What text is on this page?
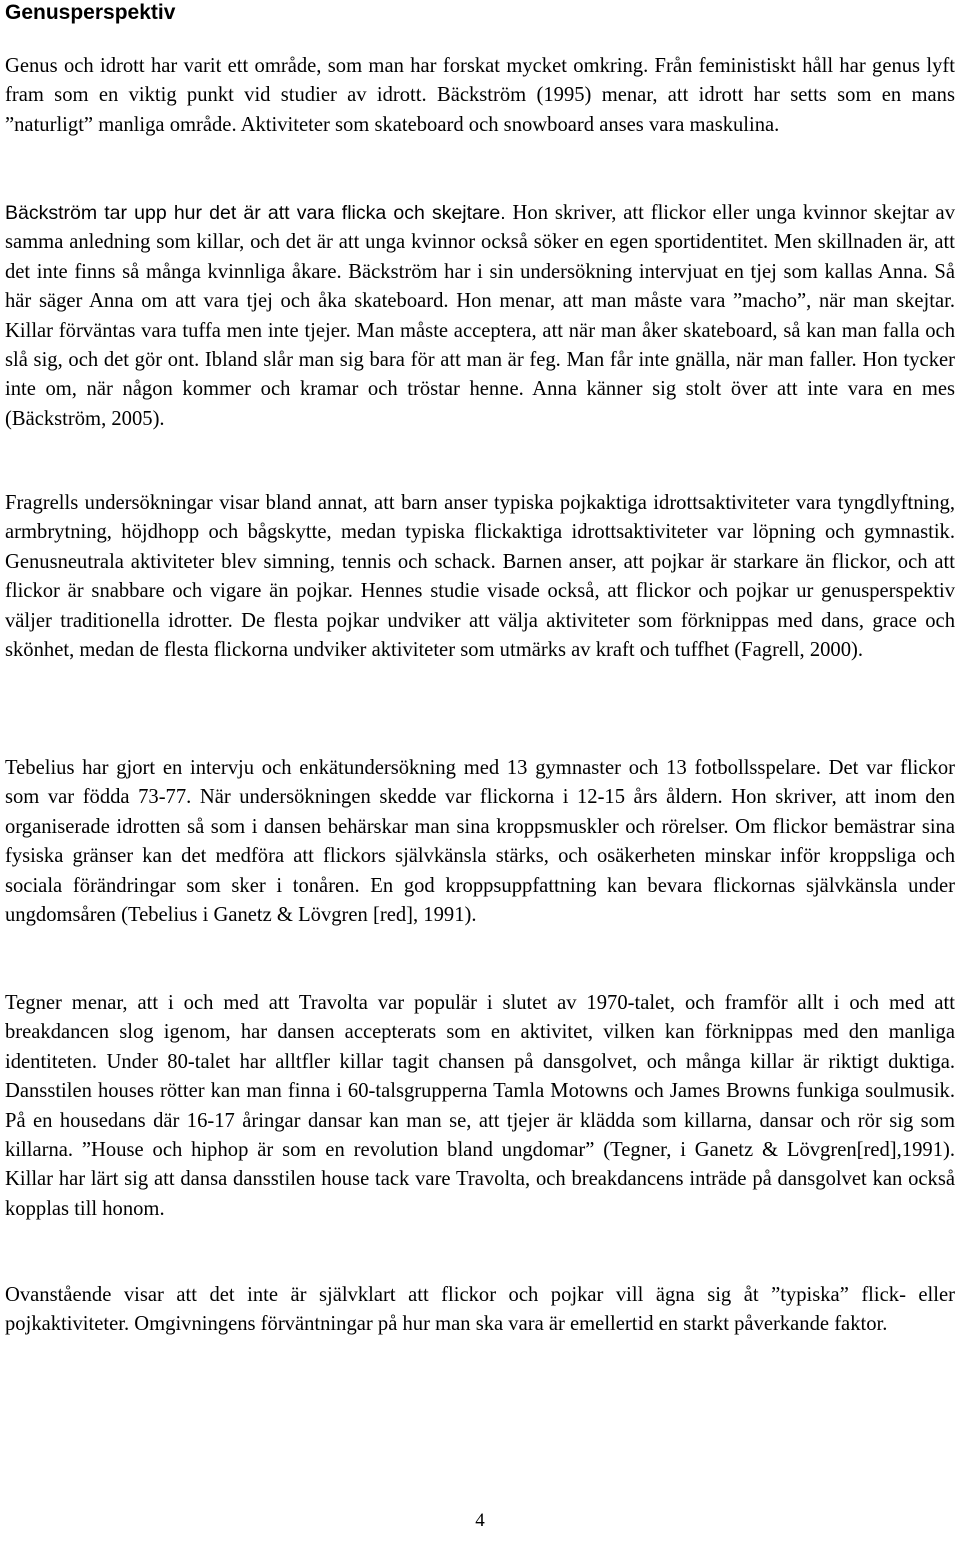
Genusperspektiv

Genus och idrott har varit ett område, som man har forskat mycket omkring. Från feministiskt håll har genus lyft fram som en viktig punkt vid studier av idrott. Bäckström (1995) menar, att idrott har setts som en mans ”naturligt” manliga område. Aktiviteter som skateboard och snowboard anses vara maskulina.

Bäckström tar upp hur det är att vara flicka och skejtare. Hon skriver, att flickor eller unga kvinnor skejtar av samma anledning som killar, och det är att unga kvinnor också söker en egen sportidentitet. Men skillnaden är, att det inte finns så många kvinnliga åkare. Bäckström har i sin undersökning intervjuat en tjej som kallas Anna. Så här säger Anna om att vara tjej och åka skateboard. Hon menar, att man måste vara ”macho”, när man skejtar. Killar förväntas vara tuffa men inte tjejer. Man måste acceptera, att när man åker skateboard, så kan man falla och slå sig, och det gör ont. Ibland slår man sig bara för att man är feg. Man får inte gnälla, när man faller. Hon tycker inte om, när någon kommer och kramar och tröstar henne. Anna känner sig stolt över att inte vara en mes (Bäckström, 2005).

Fragrells undersökningar visar bland annat, att barn anser typiska pojkaktiga idrottsaktiviteter vara tyngdlyftning, armbrytning, höjdhopp och bågskytte, medan typiska flickaktiga idrottsaktiviteter var löpning och gymnastik. Genusneutrala aktiviteter blev simning, tennis och schack. Barnen anser, att pojkar är starkare än flickor, och att flickor är snabbare och vigare än pojkar. Hennes studie visade också, att flickor och pojkar ur genusperspektiv väljer traditionella idrotter. De flesta pojkar undviker att välja aktiviteter som förknippas med dans, grace och skönhet, medan de flesta flickorna undviker aktiviteter som utmärks av kraft och tuffhet (Fagrell, 2000).

Tebelius har gjort en intervju och enkätundersökning med 13 gymnaster och 13 fotbollsspelare. Det var flickor som var födda 73-77. När undersökningen skedde var flickorna i 12-15 års åldern. Hon skriver, att inom den organiserade idrotten så som i dansen behärskar man sina kroppsmuskler och rörelser. Om flickor bemästrar sina fysiska gränser kan det medföra att flickors självkänsla stärks, och osäkerheten minskar inför kroppsliga och sociala förändringar som sker i tonåren. En god kroppsuppfattning kan bevara flickornas självkänsla under ungdomsåren (Tebelius i Ganetz & Lövgren [red], 1991).

Tegner menar, att i och med att Travolta var populär i slutet av 1970-talet, och framför allt i och med att breakdancen slog igenom, har dansen accepterats som en aktivitet, vilken kan förknippas med den manliga identiteten. Under 80-talet har alltfler killar tagit chansen på dansgolvet, och många killar är riktigt duktiga. Dansstilen houses rötter kan man finna i 60-talsgrupperna Tamla Motowns och James Browns funkiga soulmusik. På en housedans där 16-17 åringar dansar kan man se, att tjejer är klädda som killarna, dansar och rör sig som killarna. ”House och hiphop är som en revolution bland ungdomar” (Tegner, i Ganetz & Lövgren[red],1991). Killar har lärt sig att dansa dansstilen house tack vare Travolta, och breakdancens inträde på dansgolvet kan också kopplas till honom.

Ovanstående visar att det inte är självklart att flickor och pojkar vill ägna sig åt ”typiska” flick- eller pojkaktiviteter. Omgivningens förväntningar på hur man ska vara är emellertid en starkt påverkande faktor.

4
